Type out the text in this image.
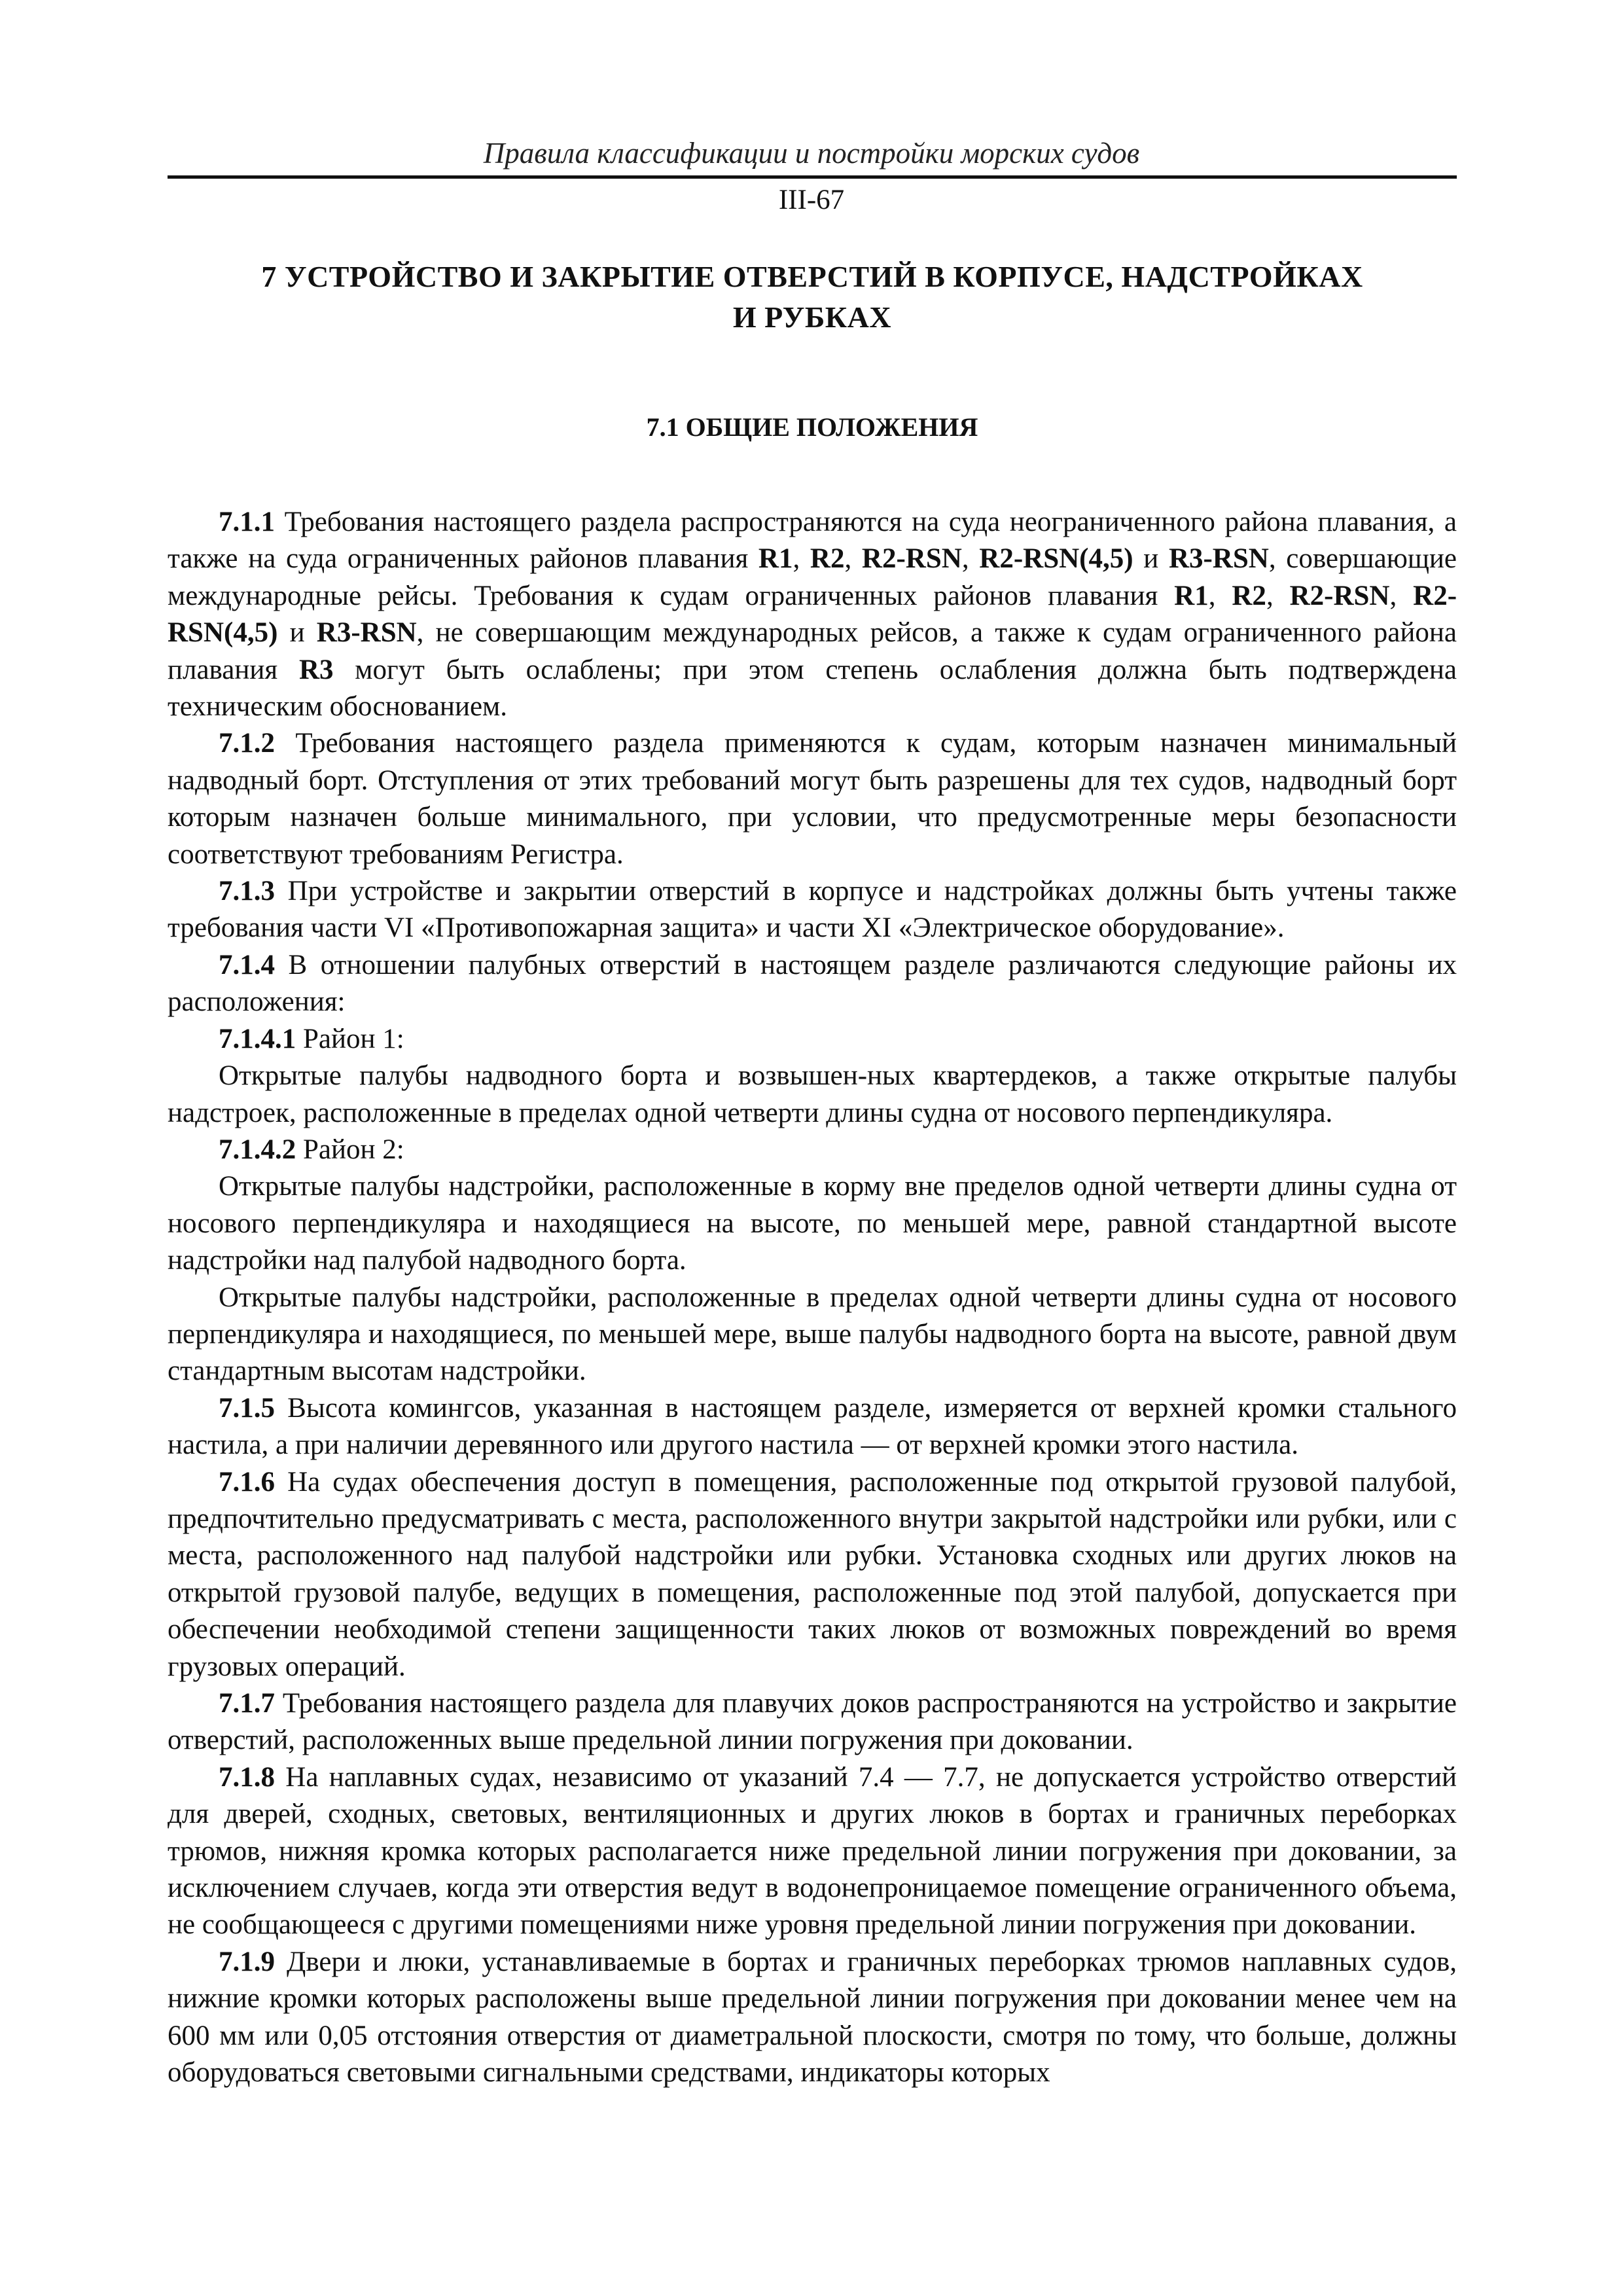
Правила классификации и постройки морских судов
III-67
7 УСТРОЙСТВО И ЗАКРЫТИЕ ОТВЕРСТИЙ В КОРПУСЕ, НАДСТРОЙКАХ
И РУБКАХ
7.1 ОБЩИЕ ПОЛОЖЕНИЯ

7.1.1 Требования настоящего раздела распространяются на суда неограниченного района плавания, а также на суда ограниченных районов плавания R1, R2, R2-RSN, R2-RSN(4,5) и R3-RSN, совершающие международные рейсы. Требования к судам ограниченных районов плавания R1, R2, R2-RSN, R2-RSN(4,5) и R3-RSN, не совершающим международных рейсов, а также к судам ограниченного района плавания R3 могут быть ослаблены; при этом степень ослабления должна быть подтверждена техническим обоснованием.

7.1.2 Требования настоящего раздела применяются к судам, которым назначен минимальный надводный борт. Отступления от этих требований могут быть разрешены для тех судов, надводный борт которым назначен больше минимального, при условии, что предусмотренные меры безопасности соответствуют требованиям Регистра.

7.1.3 При устройстве и закрытии отверстий в корпусе и надстройках должны быть учтены также требования части VI «Противопожарная защита» и части XI «Электрическое оборудование».

7.1.4 В отношении палубных отверстий в настоящем разделе различаются следующие районы их расположения:

7.1.4.1 Район 1:

Открытые палубы надводного борта и возвышен-ных квартердеков, а также открытые палубы надстроек, расположенные в пределах одной четверти длины судна от носового перпендикуляра.

7.1.4.2 Район 2:

Открытые палубы надстройки, расположенные в корму вне пределов одной четверти длины судна от носового перпендикуляра и находящиеся на высоте, по меньшей мере, равной стандартной высоте надстройки над палубой надводного борта.

Открытые палубы надстройки, расположенные в пределах одной четверти длины судна от носового перпендикуляра и находящиеся, по меньшей мере, выше палубы надводного борта на высоте, равной двум стандартным высотам надстройки.

7.1.5 Высота комингсов, указанная в настоящем разделе, измеряется от верхней кромки стального настила, а при наличии деревянного или другого настила — от верхней кромки этого настила.

7.1.6 На судах обеспечения доступ в помещения, расположенные под открытой грузовой палубой, предпочтительно предусматривать с места, расположенного внутри закрытой надстройки или рубки, или с места, расположенного над палубой надстройки или рубки. Установка сходных или других люков на открытой грузовой палубе, ведущих в помещения, расположенные под этой палубой, допускается при обеспечении необходимой степени защищенности таких люков от возможных повреждений во время грузовых операций.

7.1.7 Требования настоящего раздела для плавучих доков распространяются на устройство и закрытие отверстий, расположенных выше предельной линии погружения при доковании.

7.1.8 На наплавных судах, независимо от указаний 7.4 — 7.7, не допускается устройство отверстий для дверей, сходных, световых, вентиляционных и других люков в бортах и граничных переборках трюмов, нижняя кромка которых располагается ниже предельной линии погружения при доковании, за исключением случаев, когда эти отверстия ведут в водонепроницаемое помещение ограниченного объема, не сообщающееся с другими помещениями ниже уровня предельной линии погружения при доковании.

7.1.9 Двери и люки, устанавливаемые в бортах и граничных переборках трюмов наплавных судов, нижние кромки которых расположены выше предельной линии погружения при доковании менее чем на 600 мм или 0,05 отстояния отверстия от диаметральной плоскости, смотря по тому, что больше, должны оборудоваться световыми сигнальными средствами, индикаторы которых
